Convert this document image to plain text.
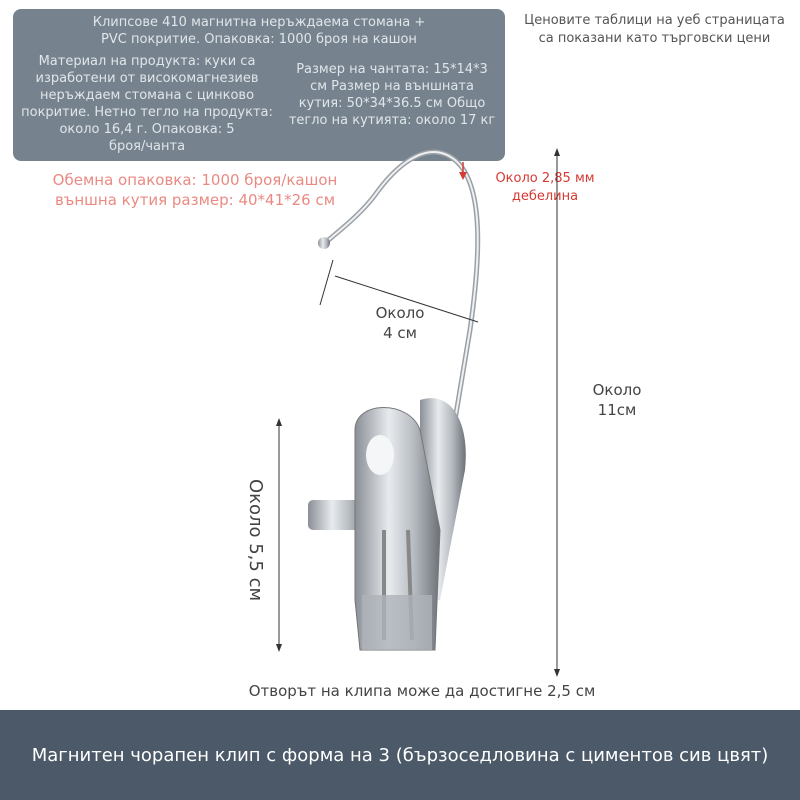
Клипсове 410 магнитна неръждаема стомана +
PVC покритие. Опаковка: 1000 броя на кашон
Материал на продукта: куки са
изработени от високомагнезиев
неръждаем стомана с цинково
покритие. Нетно тегло на продукта:
около 16,4 г. Опаковка: 5
броя/чанта
Размер на чантата: 15*14*3
см Размер на външната
кутия: 50*34*36.5 см Общо
тегло на кутията: около 17 кг
Ценовите таблици на уеб страницата
са показани като търговски цени
Обемна опаковка: 1000 броя/кашон
външна кутия размер: 40*41*26 см
Около 2,85 мм
дебелина
Около
4 см
Около
11см
Около 5,5 см
Отворът на клипа може да достигне 2,5 см
Магнитен чорапен клип с форма на 3 (бързоседловина с циментов сив цвят)
